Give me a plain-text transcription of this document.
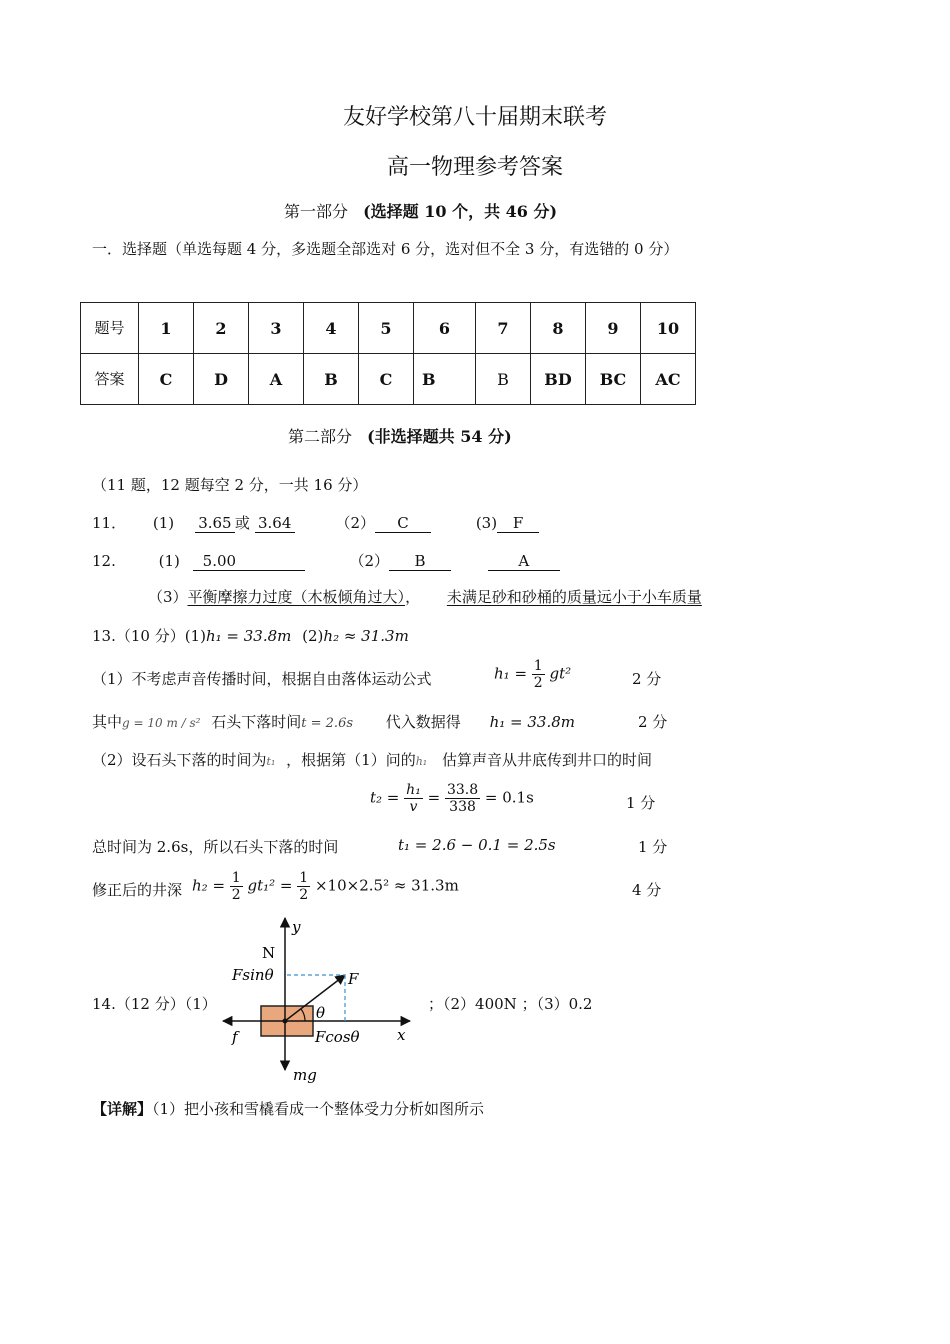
友好学校第八十届期末联考
高一物理参考答案
第一部分 (选择题 10 个，共 46 分)
一．选择题（单选每题 4 分，多选题全部选对 6 分，选对但不全 3 分，有选错的 0 分）
题号	1	2	3	4	5	6	7	8	9	10
答案	C	D	A	B	C	B	B	BD	BC	AC
第二部分 (非选择题共 54 分)
（11 题，12 题每空 2 分，一共 16 分）
11． (1) 3.65 或 3.64	（2） C	(3) F
12.	(1) 5.00	（2） B	A
（3）平衡摩擦力过度（木板倾角过大）， 未满足砂和砂桶的质量远小于小车质量
13.（10 分）(1)h₁ = 33.8m (2)h₂ ≈ 31.3m
（1）不考虑声音传播时间，根据自由落体运动公式	$h_1 = \frac{1}{2} gt^2$	2 分
其中g = 10 m / s² 石头下落时间t = 2.6s 代入数据得 h₁ = 33.8m	2 分
（2）设石头下落的时间为t₁ ，根据第（1）问的h₁ 估算声音从井底传到井口的时间
$t_2 = \frac{\text{h₁}}{v} = \frac{33.8}{338} = 0.1s$	1 分
总时间为 2.6s，所以石头下落的时间	t₁ = 2.6 − 0.1 = 2.5s	1 分
修正后的井深 $h_2 = \frac{1}{2} gt_1^2 = \frac{1}{2} \times 10\times 2.5^2 \approx 31.3m$	4 分
14.（12 分）（1）
y
N
Fsinθ	F
θ
f	Fcosθ x
mg
；（2）400N ；（3）0.2
【详解】（1）把小孩和雪橇看成一个整体受力分析如图所示
